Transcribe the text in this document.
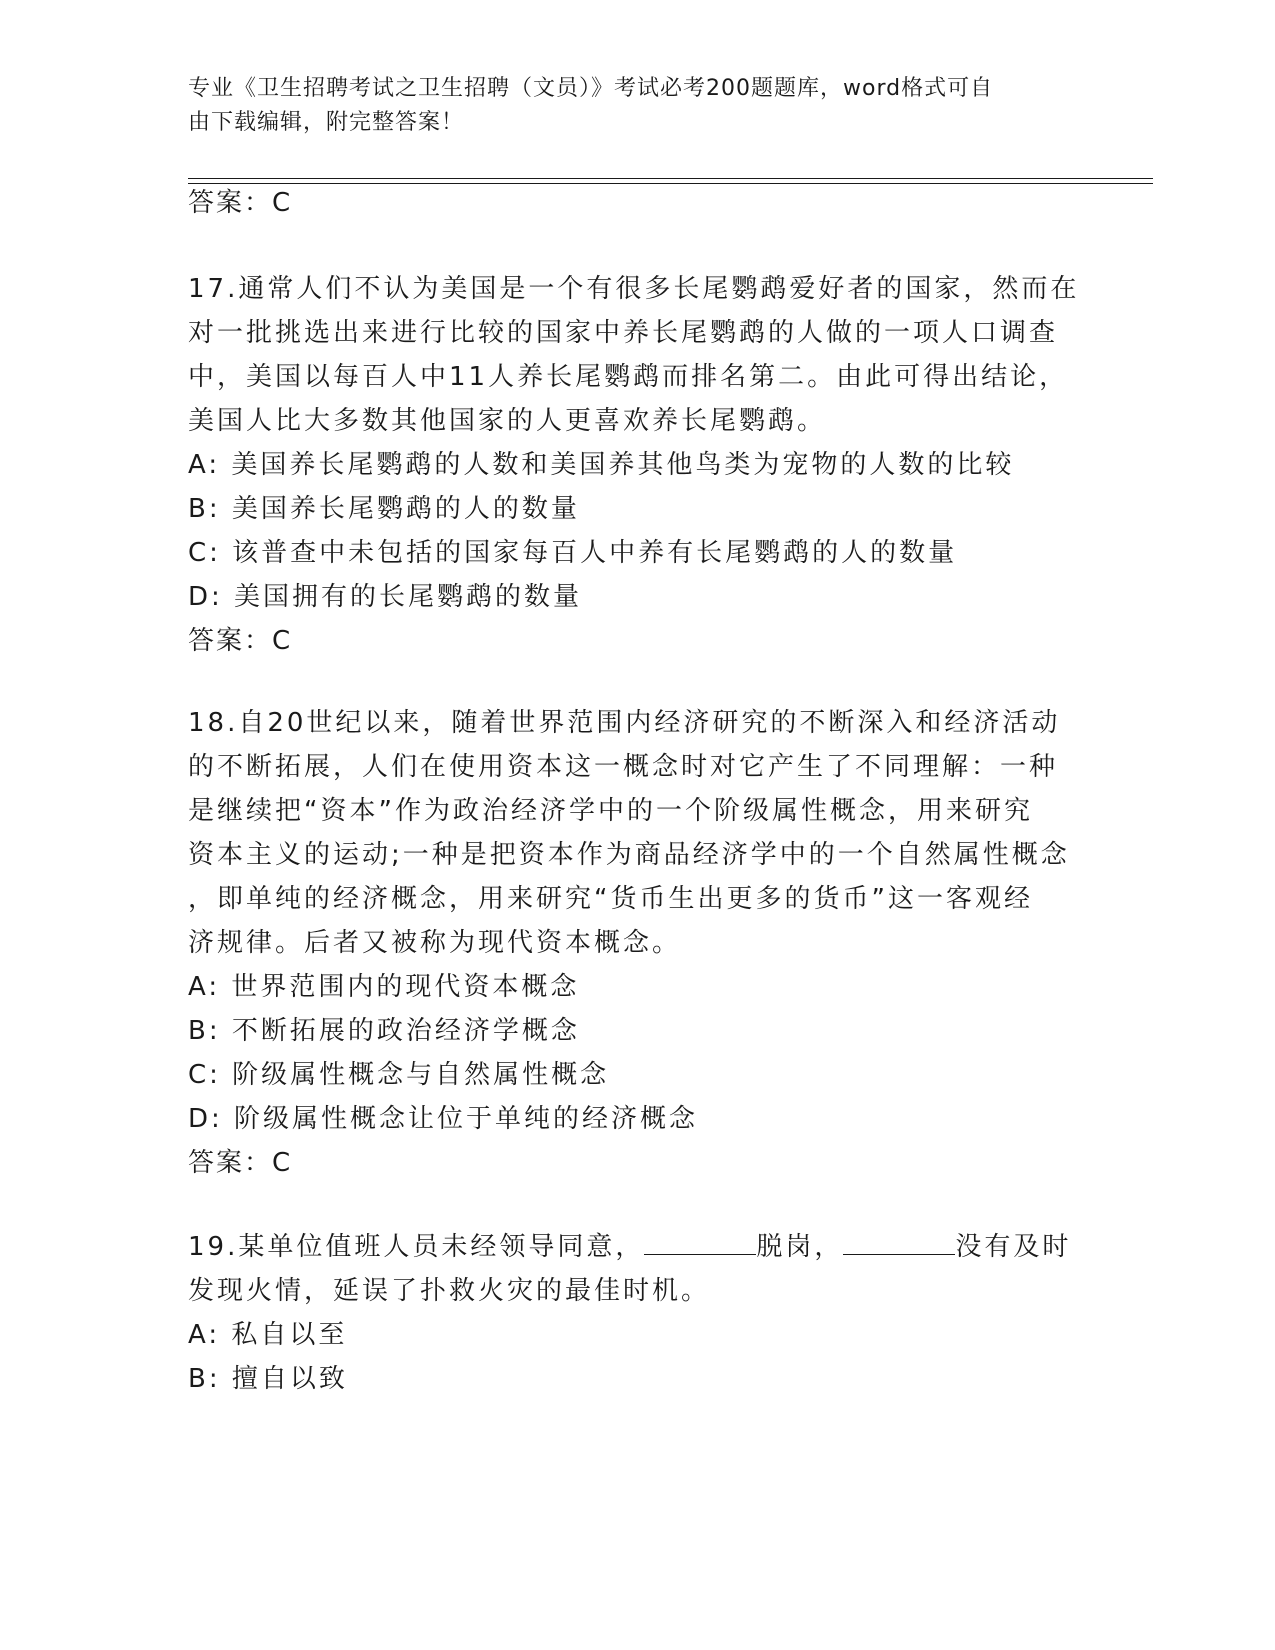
专业《卫生招聘考试之卫生招聘（文员）》考试必考200题题库，word格式可自
由下载编辑，附完整答案！
答案：C
17.通常人们不认为美国是一个有很多长尾鹦鹉爱好者的国家，然而在
对一批挑选出来进行比较的国家中养长尾鹦鹉的人做的一项人口调查
中，美国以每百人中11人养长尾鹦鹉而排名第二。由此可得出结论，
美国人比大多数其他国家的人更喜欢养长尾鹦鹉。
A: 美国养长尾鹦鹉的人数和美国养其他鸟类为宠物的人数的比较
B: 美国养长尾鹦鹉的人的数量
C: 该普查中未包括的国家每百人中养有长尾鹦鹉的人的数量
D: 美国拥有的长尾鹦鹉的数量
答案：C
18.自20世纪以来，随着世界范围内经济研究的不断深入和经济活动
的不断拓展，人们在使用资本这一概念时对它产生了不同理解：一种
是继续把“资本”作为政治经济学中的一个阶级属性概念，用来研究
资本主义的运动;一种是把资本作为商品经济学中的一个自然属性概念
，即单纯的经济概念，用来研究“货币生出更多的货币”这一客观经
济规律。后者又被称为现代资本概念。
A: 世界范围内的现代资本概念
B: 不断拓展的政治经济学概念
C: 阶级属性概念与自然属性概念
D: 阶级属性概念让位于单纯的经济概念
答案：C
19.某单位值班人员未经领导同意，	脱岗，	没有及时
发现火情，延误了扑救火灾的最佳时机。
A: 私自以至
B: 擅自以致
